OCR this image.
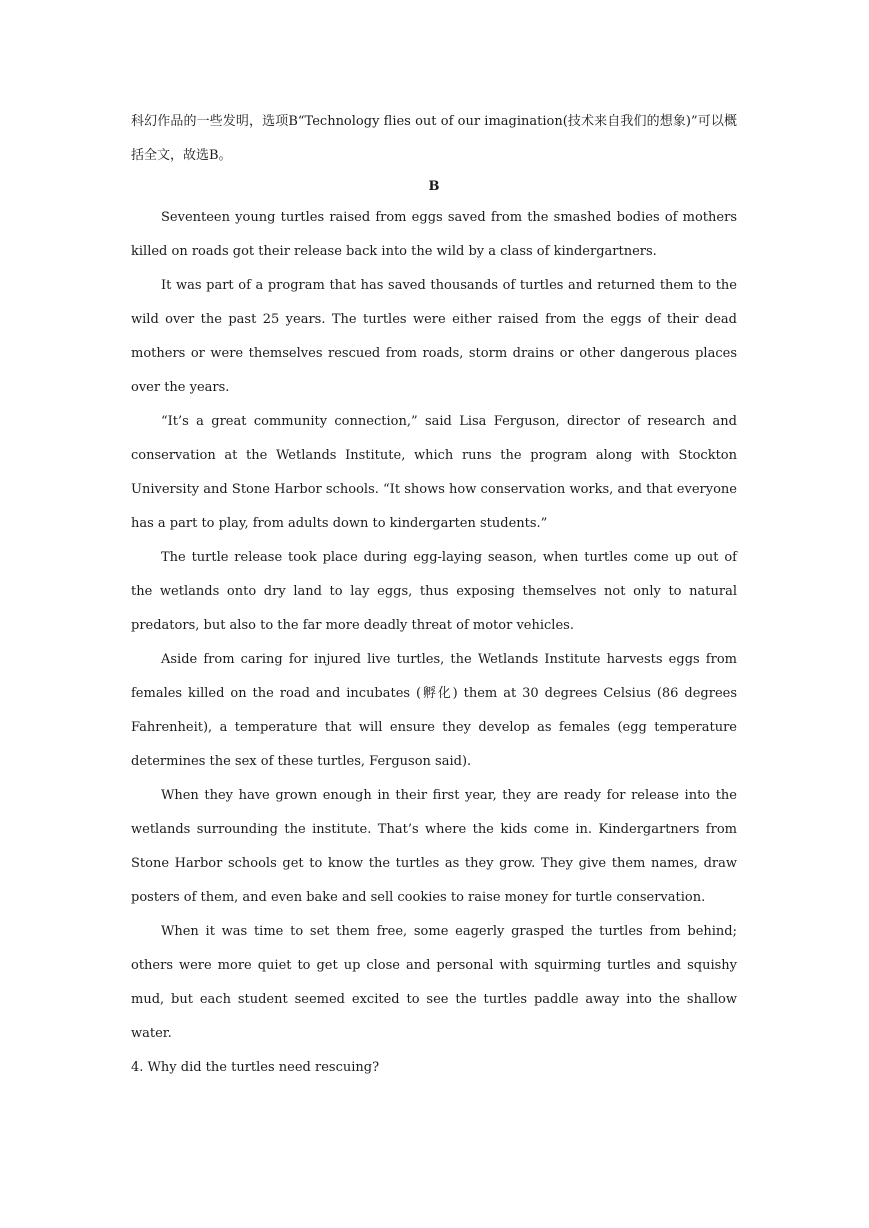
科幻作品的一些发明，选项B“Technology flies out of our imagination(技术来自我们的想象)”可以概括全文，故选B。

B

Seventeen young turtles raised from eggs saved from the smashed bodies of mothers killed on roads got their release back into the wild by a class of kindergartners.

It was part of a program that has saved thousands of turtles and returned them to the wild over the past 25 years. The turtles were either raised from the eggs of their dead mothers or were themselves rescued from roads, storm drains or other dangerous places over the years.

“It’s a great community connection,” said Lisa Ferguson, director of research and conservation at the Wetlands Institute, which runs the program along with Stockton University and Stone Harbor schools. “It shows how conservation works, and that everyone has a part to play, from adults down to kindergarten students.”

The turtle release took place during egg-laying season, when turtles come up out of the wetlands onto dry land to lay eggs, thus exposing themselves not only to natural predators, but also to the far more deadly threat of motor vehicles.

Aside from caring for injured live turtles, the Wetlands Institute harvests eggs from females killed on the road and incubates (孵化) them at 30 degrees Celsius (86 degrees Fahrenheit), a temperature that will ensure they develop as females (egg temperature determines the sex of these turtles, Ferguson said).

When they have grown enough in their first year, they are ready for release into the wetlands surrounding the institute. That’s where the kids come in. Kindergartners from Stone Harbor schools get to know the turtles as they grow. They give them names, draw posters of them, and even bake and sell cookies to raise money for turtle conservation.

When it was time to set them free, some eagerly grasped the turtles from behind; others were more quiet to get up close and personal with squirming turtles and squishy mud, but each student seemed excited to see the turtles paddle away into the shallow water.

4. Why did the turtles need rescuing?
